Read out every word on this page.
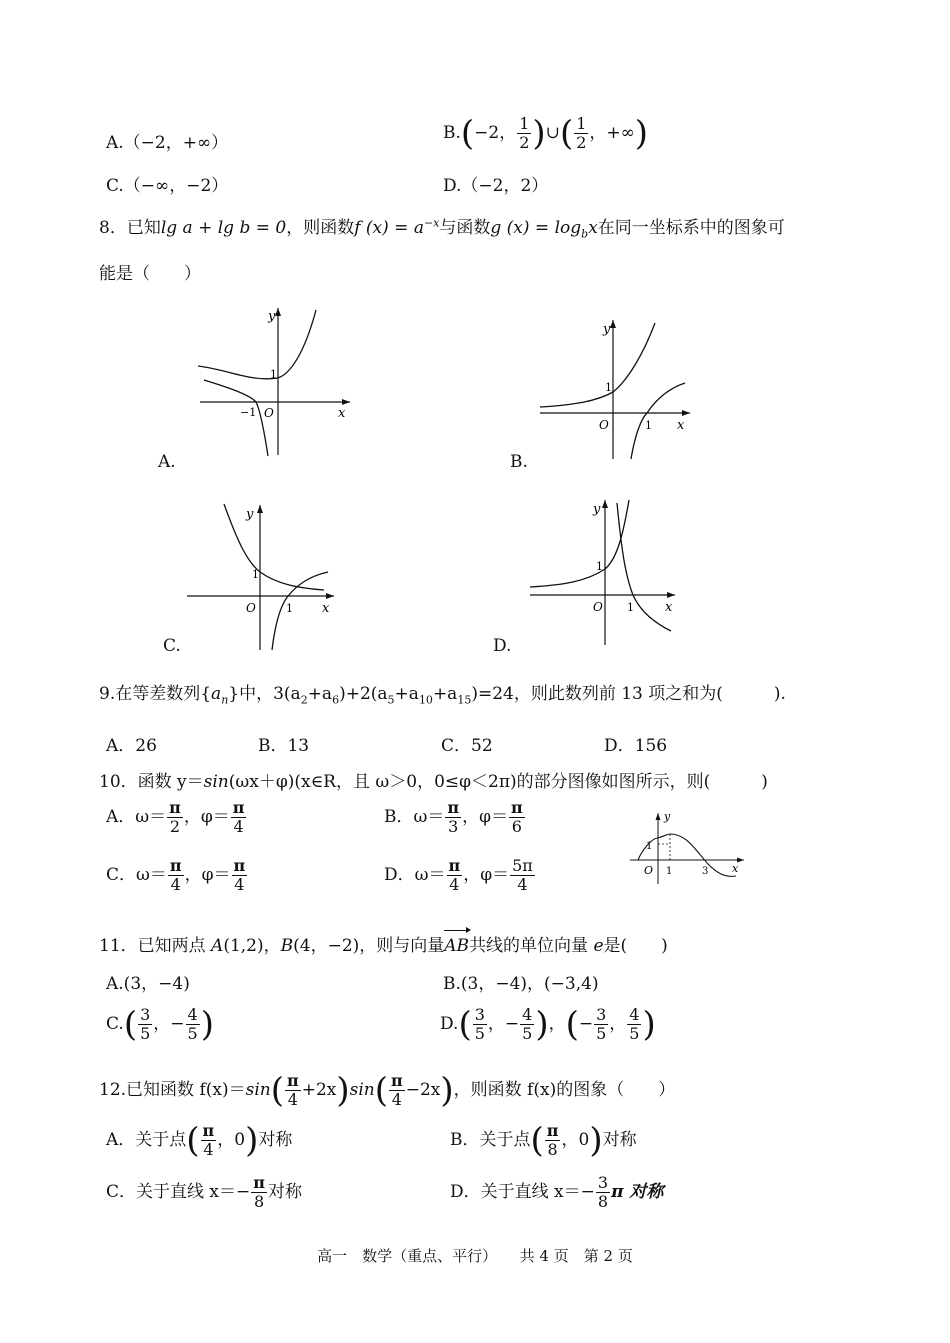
A.（−2，+∞）	B.(−2， $\frac{1}{2}$ )∪( $\frac{1}{2}$ ，+∞)
C.（−∞，−2）	D.（−2，2）
8．已知lg a + lg b = 0，则函数f $(x) = a^{-x}$与函数g $(x) = \log_bx$在同一坐标系中的图象可
能是（　　）
y
x
O
1
−1
A.
y
x
O
1
1
B.
y
x
O
1
1
C.
y
x
O
1
1
D.
9.在等差数列$\{a_n\}$中，$3(a_2+a_6)+2(a_5+a_{10}+a_{15})=24$，则此数列前 13 项之和为(　　　).
A．26	B．13	C．52	D．156
10．函数 y＝sin(ωx＋φ)(x∈R，且 ω＞0，0≤φ＜2π)的部分图像如图所示，则(　　　)
A．$\omega= \frac{\pi}{2}$ ，$\varphi= \frac{\pi}{4}$	B．$\omega= \frac{\pi}{3}$ ，$\varphi= \frac{\pi}{6}$
C．$\omega= \frac{\pi}{4}$ ，$\varphi= \frac{\pi}{4}$	D．$\omega= \frac{\pi}{4}$ ，$\varphi= \frac{5\pi}{4}$
y
x
O
1
1	3
11．已知两点 A(1,2)，B(4，−2)，则与向量AB共线的单位向量 e是(　　)
A.(3，−4)	B.(3，−4)，(−3,4)
$C.( \frac{3}{5}$ ，− $\frac{4}{5}$ )	$D.( \frac{3}{5}$ ，− $\frac{4}{5}$ )，(− $\frac{3}{5}$ ， $\frac{4}{5}$ )
12.已知函数 $f(x)=\sin( \frac{\pi}{4} +2x)\sin( \frac{\pi}{4} -2x)$，则函数 f(x)的图象（　　）
A．关于点( $\frac{\pi}{4}$ ，0)对称	B．关于点( $\frac{\pi}{8}$ ，0)对称
C．关于直线 $x=- \frac{\pi}{8}$ 对称	D．关于直线 $x=- \frac{3}{8}$ π 对称
高一　数学（重点、平行）　　共 4 页　第 2 页
